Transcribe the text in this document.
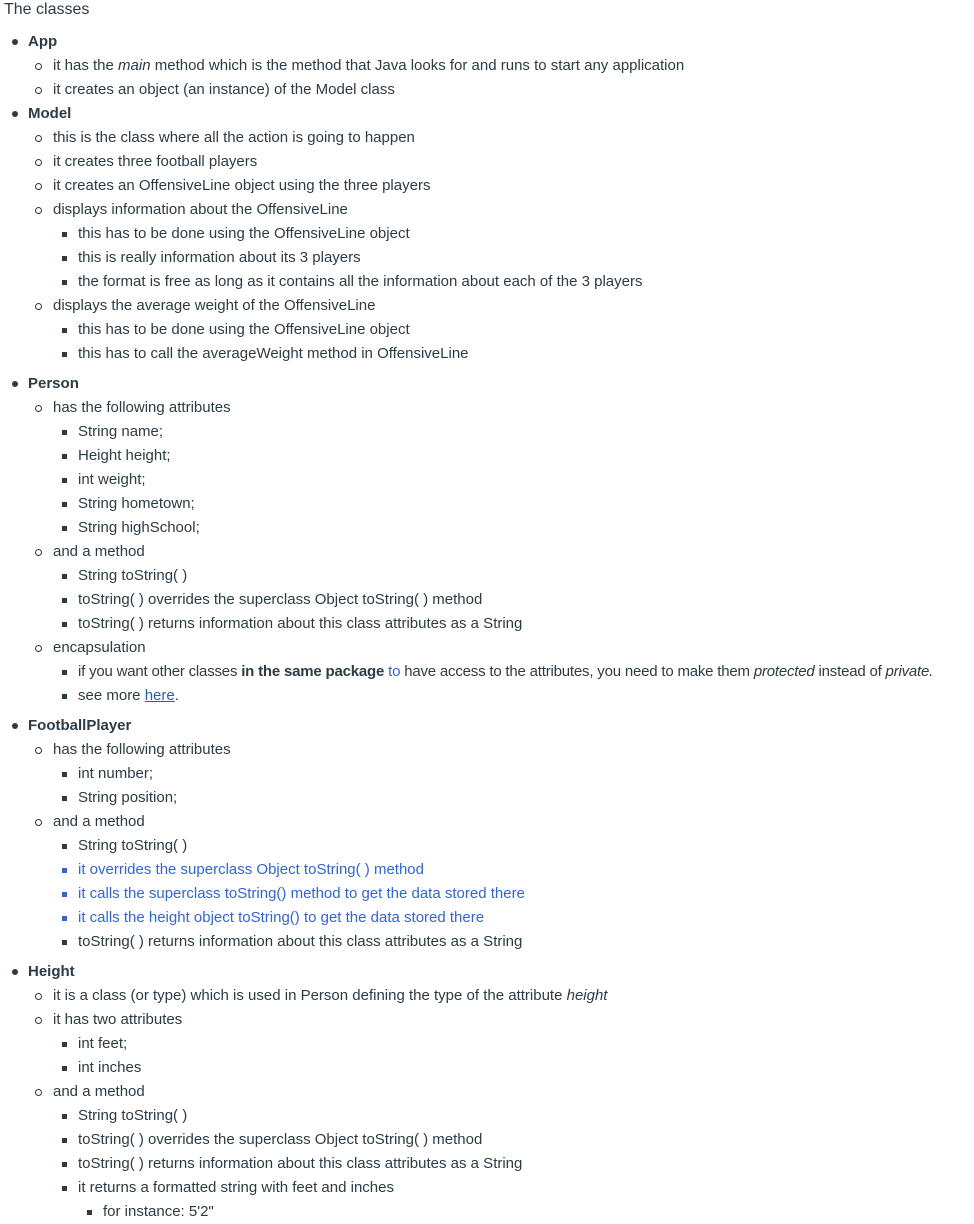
The classes
App
it has the main method which is the method that Java looks for and runs to start any application
it creates an object (an instance) of the Model class
Model
this is the class where all the action is going to happen
it creates three football players
it creates an OffensiveLine object using the three players
displays information about the OffensiveLine
this has to be done using the OffensiveLine object
this is really information about its 3 players
the format is free as long as it contains all the information about each of the 3 players
displays the average weight of the OffensiveLine
this has to be done using the OffensiveLine object
this has to call the averageWeight method in OffensiveLine
Person
has the following attributes
String name;
Height height;
int weight;
String hometown;
String highSchool;
and a method
String toString( )
toString( ) overrides the superclass Object toString( ) method
toString( ) returns information about this class attributes as a String
encapsulation
if you want other classes in the same package to have access to the attributes, you need to make them protected instead of private.
see more here.
FootballPlayer
has the following attributes
int number;
String position;
and a method
String toString( )
it overrides the superclass Object toString( ) method
it calls the superclass toString() method to get the data stored there
it calls the height object toString() to get the data stored there
toString( ) returns information about this class attributes as a String
Height
it is a class (or type) which is used in Person defining the type of the attribute height
it has two attributes
int feet;
int inches
and a method
String toString( )
toString( ) overrides the superclass Object toString( ) method
toString( ) returns information about this class attributes as a String
it returns a formatted string with feet and inches
for instance: 5'2"
